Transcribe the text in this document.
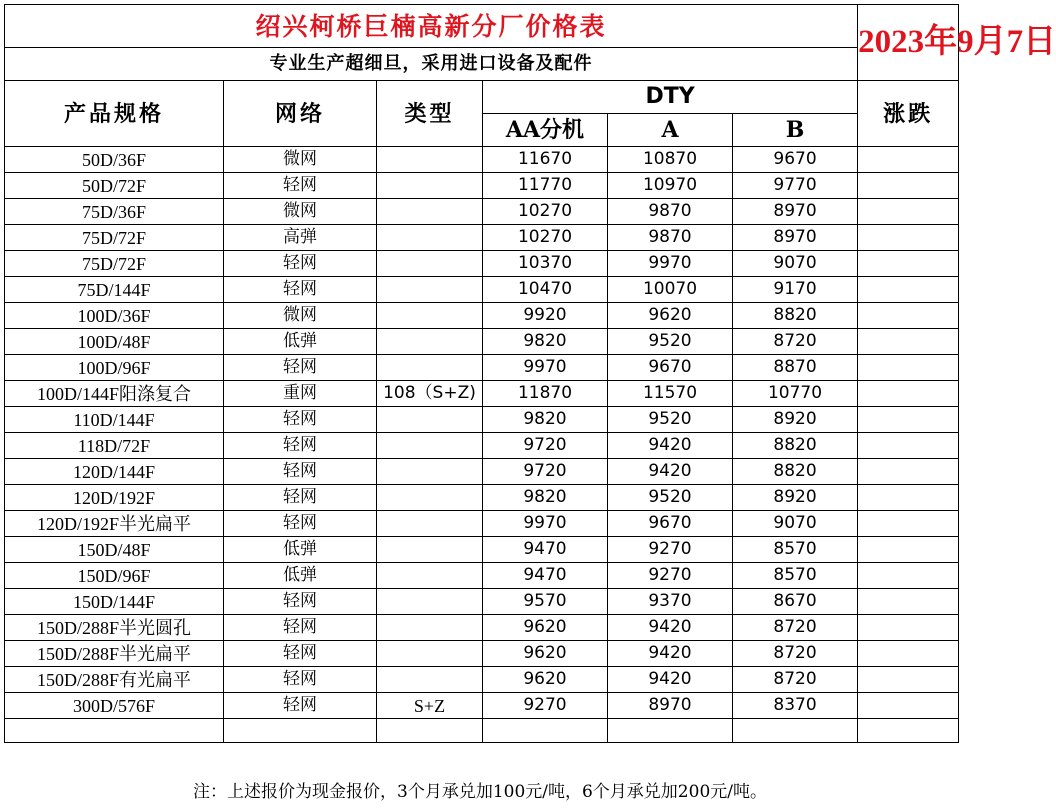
绍兴柯桥巨楠高新分厂价格表						2023年9月7日
专业生产超细旦，采用进口设备及配件						
产品规格	网络	类型	DTY			涨跌
			AA分机	A	B	
50D/36F	微网		11670	10870	9670	
50D/72F	轻网		11770	10970	9770	
75D/36F	微网		10270	9870	8970	
75D/72F	高弹		10270	9870	8970	
75D/72F	轻网		10370	9970	9070	
75D/144F	轻网		10470	10070	9170	
100D/36F	微网		9920	9620	8820	
100D/48F	低弹		9820	9520	8720	
100D/96F	轻网		9970	9670	8870	
100D/144F阳涤复合	重网	108（S+Z)	11870	11570	10770	
110D/144F	轻网		9820	9520	8920	
118D/72F	轻网		9720	9420	8820	
120D/144F	轻网		9720	9420	8820	
120D/192F	轻网		9820	9520	8920	
120D/192F半光扁平	轻网		9970	9670	9070	
150D/48F	低弹		9470	9270	8570	
150D/96F	低弹		9470	9270	8570	
150D/144F	轻网		9570	9370	8670	
150D/288F半光圆孔	轻网		9620	9420	8720	
150D/288F半光扁平	轻网		9620	9420	8720	
150D/288F有光扁平	轻网		9620	9420	8720	
300D/576F	轻网	S+Z	9270	8970	8370	

注：上述报价为现金报价，3个月承兑加100元/吨，6个月承兑加200元/吨。
